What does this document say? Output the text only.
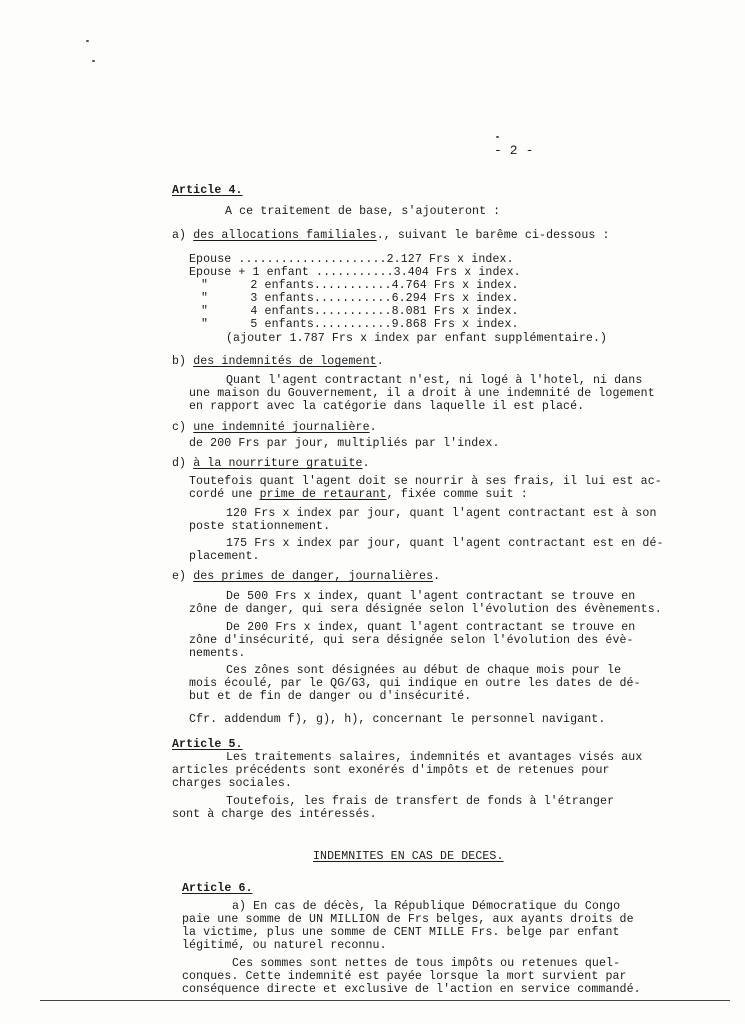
- 2 -
Article 4.
A ce traitement de base, s'ajouteront :
a) des allocations familiales., suivant le barême ci-dessous :
Epouse .....................2.127 Frs x index.
Epouse + 1 enfant ...........3.404 Frs x index.
"      2 enfants...........4.764 Frs x index.
"      3 enfants...........6.294 Frs x index.
"      4 enfants...........8.081 Frs x index.
"      5 enfants...........9.868 Frs x index.
(ajouter 1.787 Frs x index par enfant supplémentaire.)
b) des indemnités de logement.
Quant l'agent contractant n'est, ni logé à l'hotel, ni dans
une maison du Gouvernement, il a droit à une indemnité de logement
en rapport avec la catégorie dans laquelle il est placé.
c) une indemnité journalière.
de 200 Frs par jour, multipliés par l'index.
d) à la nourriture gratuite.
Toutefois quant l'agent doit se nourrir à ses frais, il lui est ac-
cordé une prime de retaurant, fixée comme suit :
120 Frs x index par jour, quant l'agent contractant est à son
poste stationnement.
175 Frs x index par jour, quant l'agent contractant est en dé-
placement.
e) des primes de danger, journalières.
De 500 Frs x index, quant l'agent contractant se trouve en
zône de danger, qui sera désignée selon l'évolution des évènements.
De 200 Frs x index, quant l'agent contractant se trouve en
zône d'insécurité, qui sera désignée selon l'évolution des évè-
nements.
Ces zônes sont désignées au début de chaque mois pour le
mois écoulé, par le QG/G3, qui indique en outre les dates de dé-
but et de fin de danger ou d'insécurité.
Cfr. addendum f), g), h), concernant le personnel navigant.
Article 5.
Les traitements salaires, indemnités et avantages visés aux
articles précédents sont exonérés d'impôts et de retenues pour
charges sociales.
Toutefois, les frais de transfert de fonds à l'étranger
sont à charge des intéressés.
INDEMNITES EN CAS DE DECES.
Article 6.
a) En cas de décès, la République Démocratique du Congo
paie une somme de UN MILLION de Frs belges, aux ayants droits de
la victime, plus une somme de CENT MILLE Frs. belge par enfant
légitimé, ou naturel reconnu.
Ces sommes sont nettes de tous impôts ou retenues quel-
conques. Cette indemnité est payée lorsque la mort survient par
conséquence directe et exclusive de l'action en service commandé.
